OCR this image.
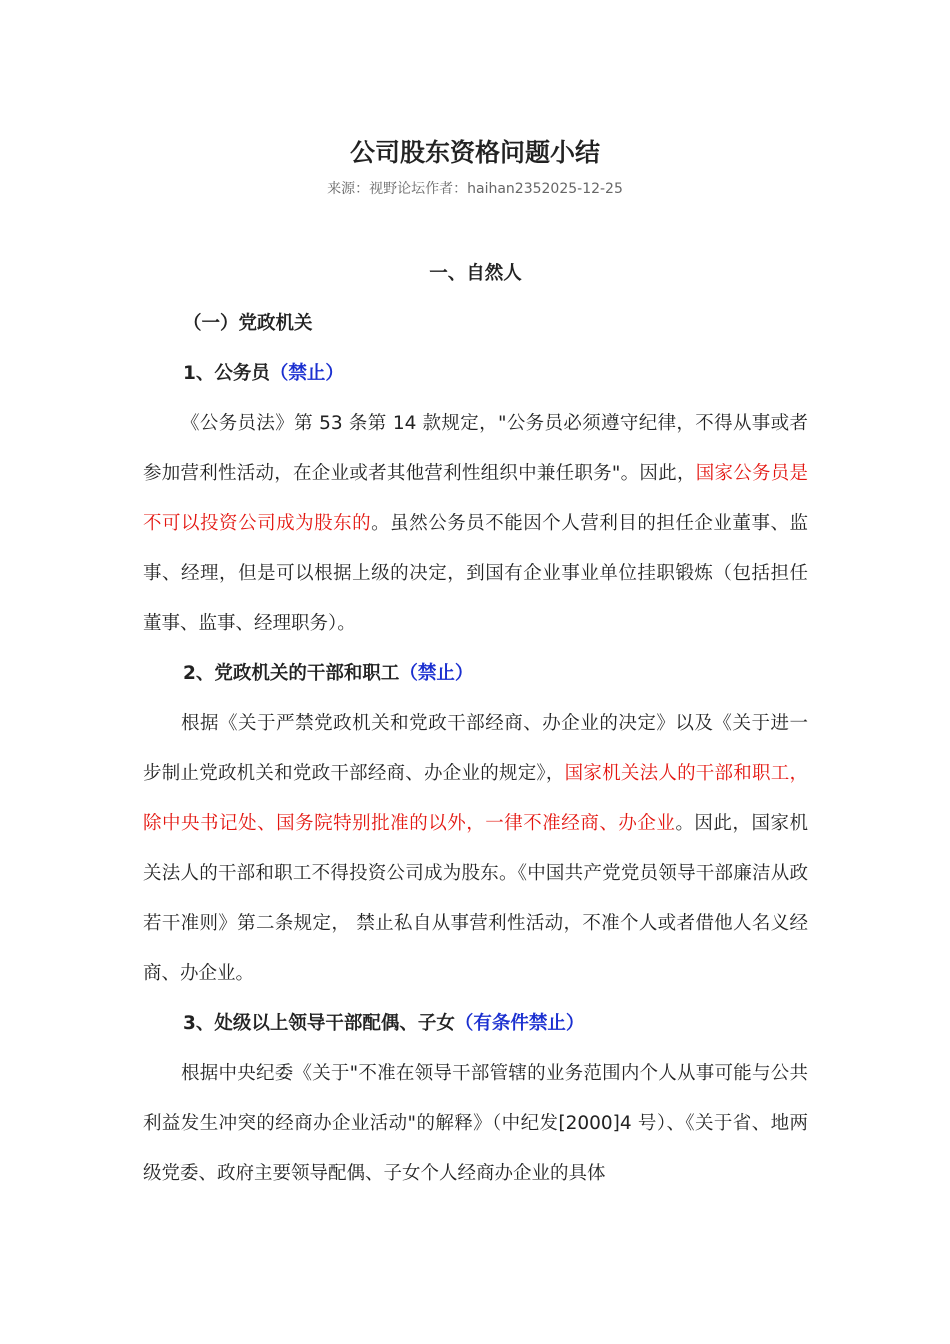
公司股东资格问题小结
来源：视野论坛作者：haihan2352025-12-25

一、自然人

（一）党政机关

1、公务员（禁止）

《公务员法》第 53 条第 14 款规定，"公务员必须遵守纪律，不得从事或者参加营利性活动，在企业或者其他营利性组织中兼任职务"。因此，国家公务员是不可以投资公司成为股东的。虽然公务员不能因个人营利目的担任企业董事、监事、经理，但是可以根据上级的决定，到国有企业事业单位挂职锻炼（包括担任董事、监事、经理职务）。

2、党政机关的干部和职工（禁止）

根据《关于严禁党政机关和党政干部经商、办企业的决定》以及《关于进一步制止党政机关和党政干部经商、办企业的规定》，国家机关法人的干部和职工，除中央书记处、国务院特别批准的以外，一律不准经商、办企业。因此，国家机关法人的干部和职工不得投资公司成为股东。《中国共产党党员领导干部廉洁从政若干准则》第二条规定， 禁止私自从事营利性活动，不准个人或者借他人名义经商、办企业。

3、处级以上领导干部配偶、子女（有条件禁止）

根据中央纪委《关于"不准在领导干部管辖的业务范围内个人从事可能与公共利益发生冲突的经商办企业活动"的解释》（中纪发[2000]4 号）、《关于省、地两级党委、政府主要领导配偶、子女个人经商办企业的具体
